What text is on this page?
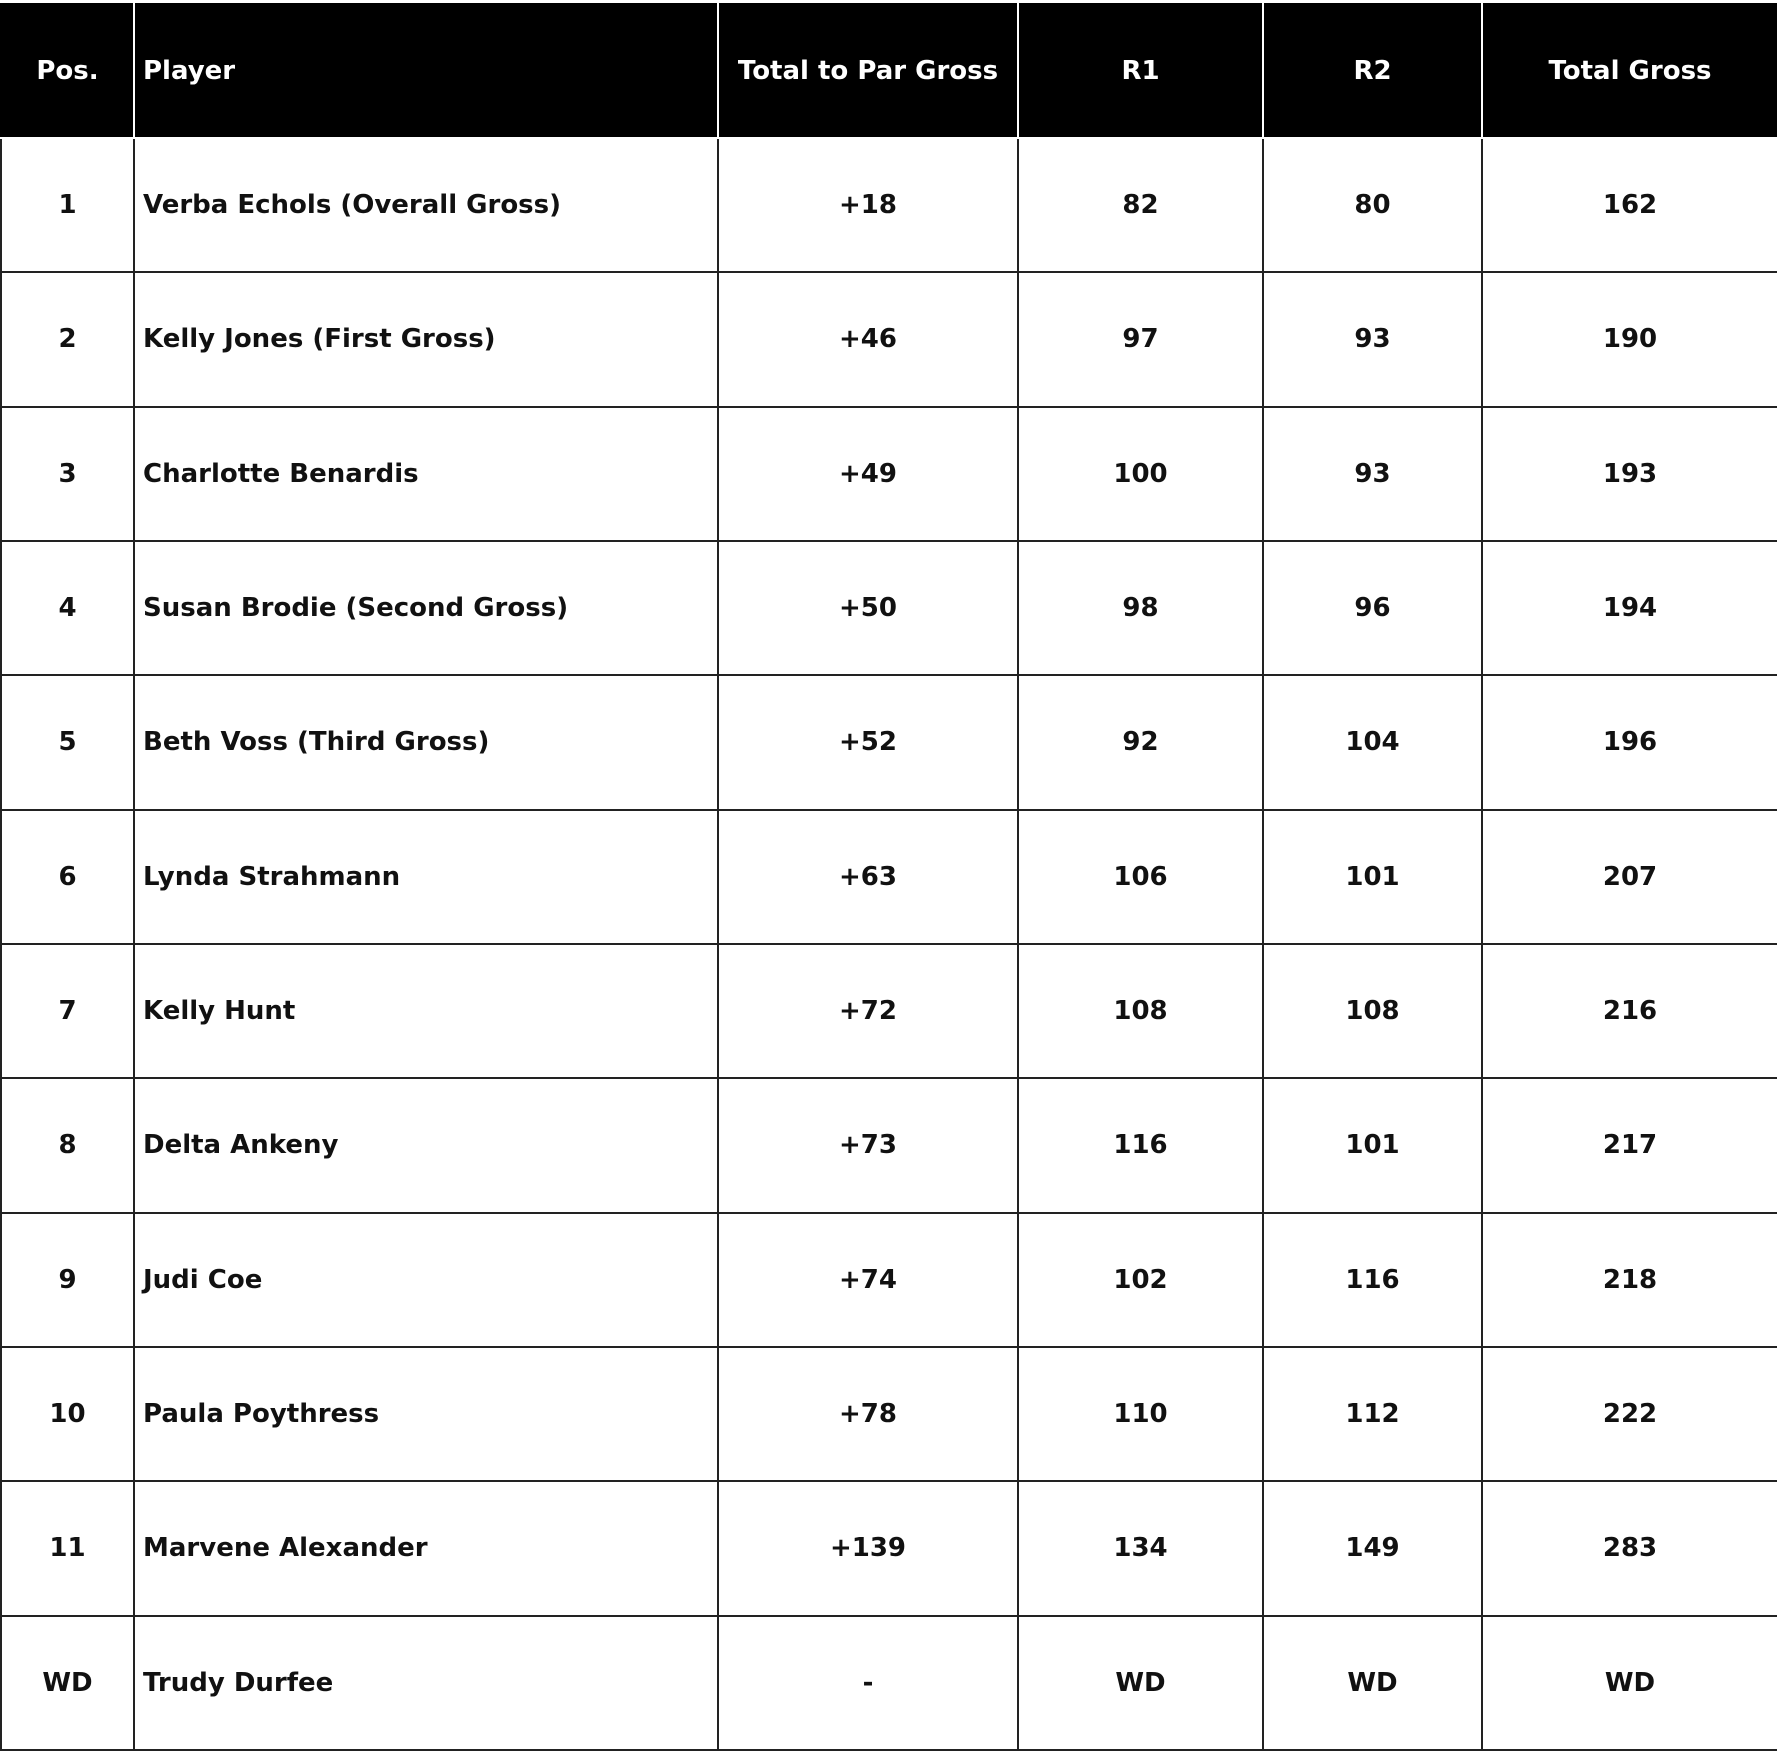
Pos.	Player	Total to Par Gross	R1	R2	Total Gross
1	Verba Echols (Overall Gross)	+18	82	80	162
2	Kelly Jones (First Gross)	+46	97	93	190
3	Charlotte Benardis	+49	100	93	193
4	Susan Brodie (Second Gross)	+50	98	96	194
5	Beth Voss (Third Gross)	+52	92	104	196
6	Lynda Strahmann	+63	106	101	207
7	Kelly Hunt	+72	108	108	216
8	Delta Ankeny	+73	116	101	217
9	Judi Coe	+74	102	116	218
10	Paula Poythress	+78	110	112	222
11	Marvene Alexander	+139	134	149	283
WD	Trudy Durfee	-	WD	WD	WD
